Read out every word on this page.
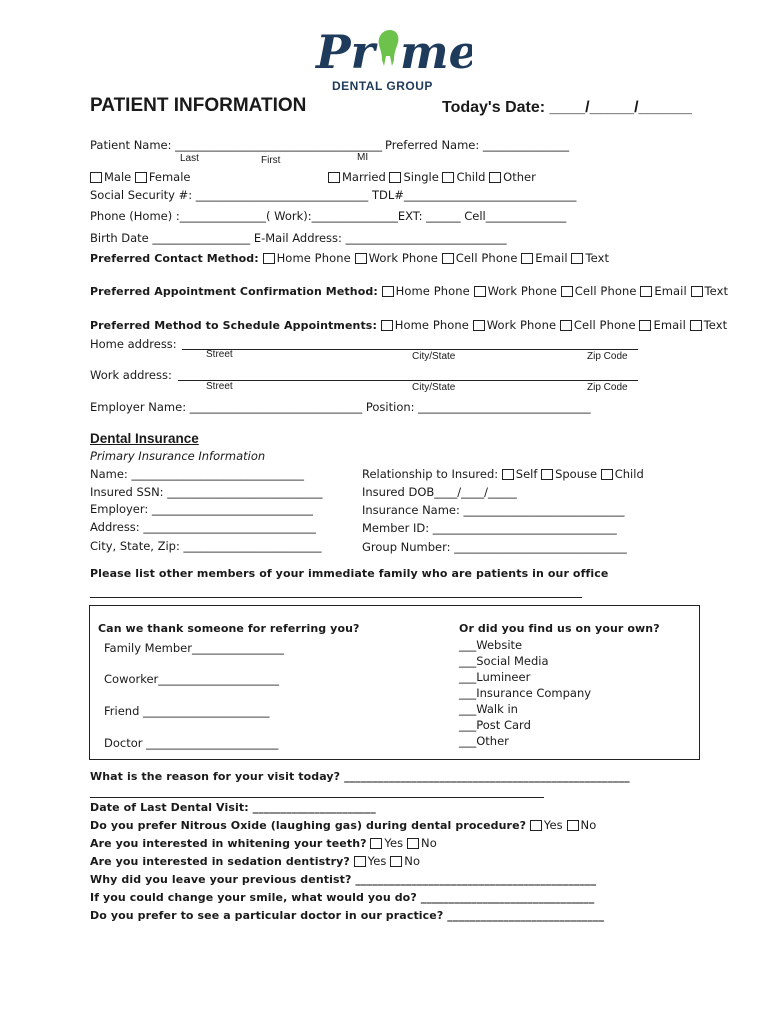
Pr me
DENTAL GROUP
PATIENT INFORMATION	Today's Date: ____/_____/______
Patient Name: ____________________________________ Preferred Name: _______________
Last	First	MI
Male Female	Married Single Child Other
Social Security #: ______________________________ TDL#______________________________
Phone (Home) :_______________( Work):_______________EXT: ______ Cell______________
Birth Date _________________ E-Mail Address: ____________________________
Preferred Contact Method: Home Phone Work Phone Cell Phone Email Text
Preferred Appointment Confirmation Method: Home Phone Work Phone Cell Phone Email Text
Preferred Method to Schedule Appointments: Home Phone Work Phone Cell Phone Email Text
Home address:
Street	City/State	Zip Code
Work address:
Street	City/State	Zip Code
Employer Name: ______________________________ Position: ______________________________
Dental Insurance
Primary Insurance Information
Name: ______________________________
Insured SSN: ___________________________
Employer: ____________________________
Address: ______________________________
City, State, Zip: ________________________
Relationship to Insured: Self Spouse Child
Insured DOB____/____/_____
Insurance Name: ____________________________
Member ID: ________________________________
Group Number: ______________________________
Please list other members of your immediate family who are patients in our office
Can we thank someone for referring you?
Family Member________________
Coworker_____________________
Friend ______________________
Doctor _______________________
Or did you find us on your own?
___Website
___Social Media
___Lumineer
___Insurance Company
___Walk in
___Post Card
___Other
What is the reason for your visit today? ___________________________________________________
Date of Last Dental Visit: ______________________
Do you prefer Nitrous Oxide (laughing gas) during dental procedure? Yes No
Are you interested in whitening your teeth? Yes No
Are you interested in sedation dentistry? Yes No
Why did you leave your previous dentist? ___________________________________________
If you could change your smile, what would you do? _______________________________
Do you prefer to see a particular doctor in our practice? ____________________________
